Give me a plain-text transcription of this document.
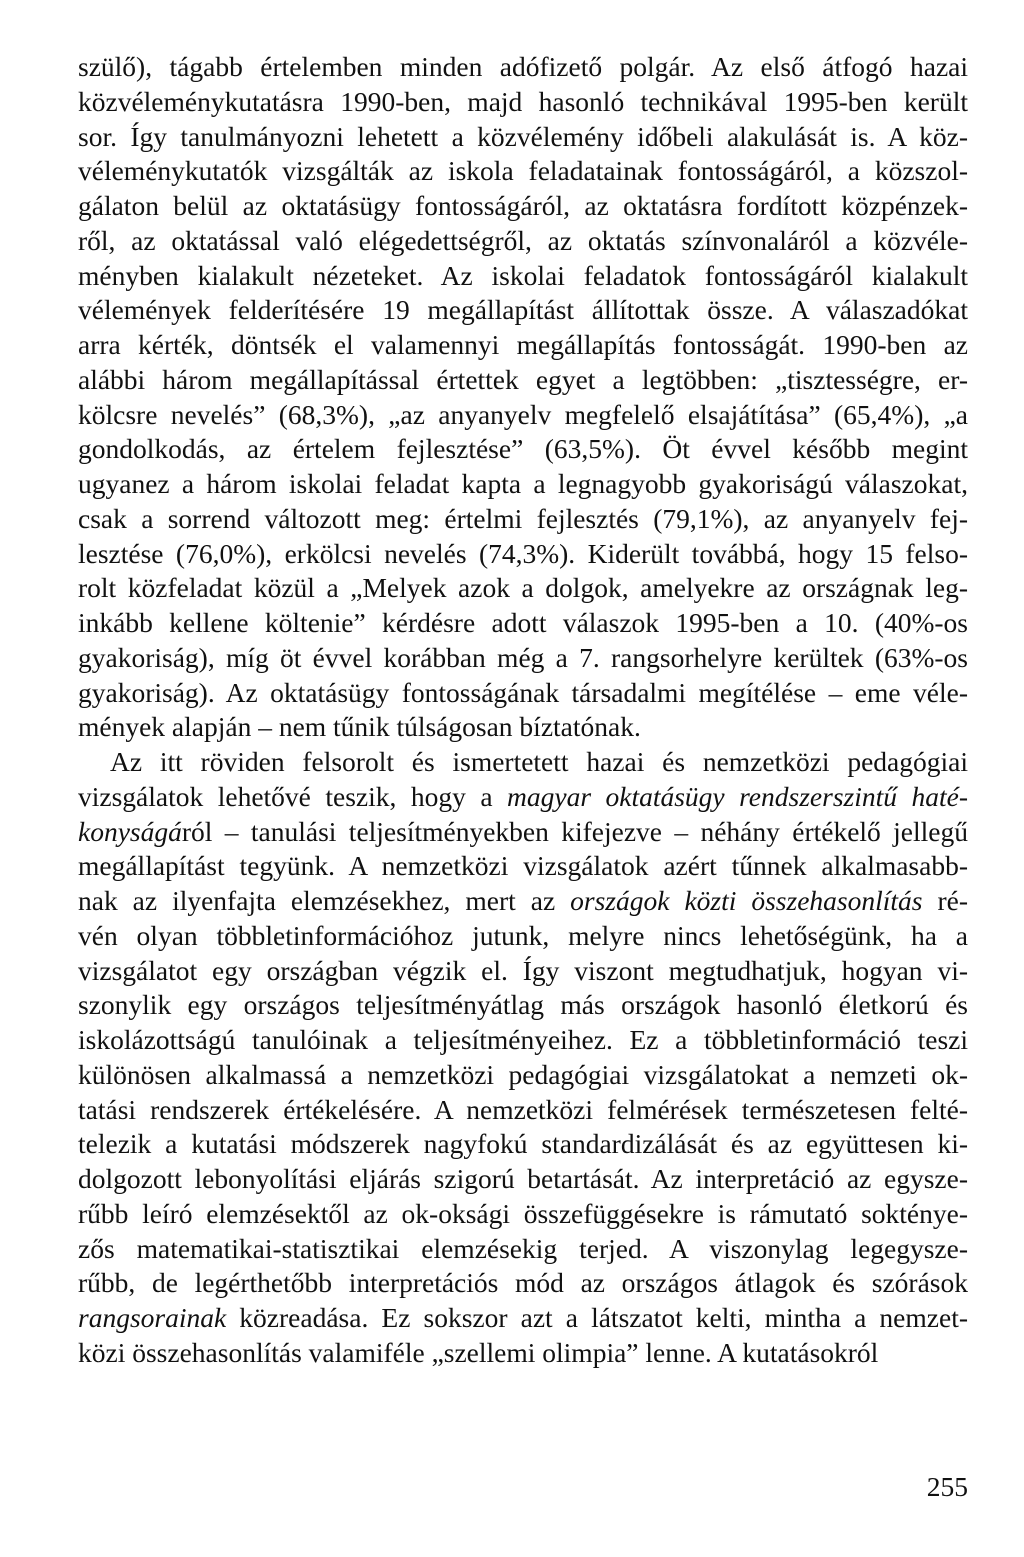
szülő), tágabb értelemben minden adófizető polgár. Az első átfogó hazai
közvéleménykutatásra 1990-ben, majd hasonló technikával 1995-ben került
sor. Így tanulmányozni lehetett a közvélemény időbeli alakulását is. A köz-
véleménykutatók vizsgálták az iskola feladatainak fontosságáról, a közszol-
gálaton belül az oktatásügy fontosságáról, az oktatásra fordított közpénzek-
ről, az oktatással való elégedettségről, az oktatás színvonaláról a közvéle-
ményben kialakult nézeteket. Az iskolai feladatok fontosságáról kialakult
vélemények felderítésére 19 megállapítást állítottak össze. A válaszadókat
arra kérték, döntsék el valamennyi megállapítás fontosságát. 1990-ben az
alábbi három megállapítással értettek egyet a legtöbben: „tisztességre, er-
kölcsre nevelés” (68,3%), „az anyanyelv megfelelő elsajátítása” (65,4%), „a
gondolkodás, az értelem fejlesztése” (63,5%). Öt évvel később megint
ugyanez a három iskolai feladat kapta a legnagyobb gyakoriságú válaszokat,
csak a sorrend változott meg: értelmi fejlesztés (79,1%), az anyanyelv fej-
lesztése (76,0%), erkölcsi nevelés (74,3%). Kiderült továbbá, hogy 15 felso-
rolt közfeladat közül a „Melyek azok a dolgok, amelyekre az országnak leg-
inkább kellene költenie” kérdésre adott válaszok 1995-ben a 10. (40%-os
gyakoriság), míg öt évvel korábban még a 7. rangsorhelyre kerültek (63%-os
gyakoriság). Az oktatásügy fontosságának társadalmi megítélése – eme véle-
mények alapján – nem tűnik túlságosan bíztatónak.
Az itt röviden felsorolt és ismertetett hazai és nemzetközi pedagógiai
vizsgálatok lehetővé teszik, hogy a magyar oktatásügy rendszerszintű haté-
konyságáról – tanulási teljesítményekben kifejezve – néhány értékelő jellegű
megállapítást tegyünk. A nemzetközi vizsgálatok azért tűnnek alkalmasabb-
nak az ilyenfajta elemzésekhez, mert az országok közti összehasonlítás ré-
vén olyan többletinformációhoz jutunk, melyre nincs lehetőségünk, ha a
vizsgálatot egy országban végzik el. Így viszont megtudhatjuk, hogyan vi-
szonylik egy országos teljesítményátlag más országok hasonló életkorú és
iskolázottságú tanulóinak a teljesítményeihez. Ez a többletinformáció teszi
különösen alkalmassá a nemzetközi pedagógiai vizsgálatokat a nemzeti ok-
tatási rendszerek értékelésére. A nemzetközi felmérések természetesen felté-
telezik a kutatási módszerek nagyfokú standardizálását és az együttesen ki-
dolgozott lebonyolítási eljárás szigorú betartását. Az interpretáció az egysze-
rűbb leíró elemzésektől az ok-oksági összefüggésekre is rámutató sokténye-
zős matematikai-statisztikai elemzésekig terjed. A viszonylag legegysze-
rűbb, de legérthetőbb interpretációs mód az országos átlagok és szórások
rangsorainak közreadása. Ez sokszor azt a látszatot kelti, mintha a nemzet-
közi összehasonlítás valamiféle „szellemi olimpia” lenne. A kutatásokról
255
